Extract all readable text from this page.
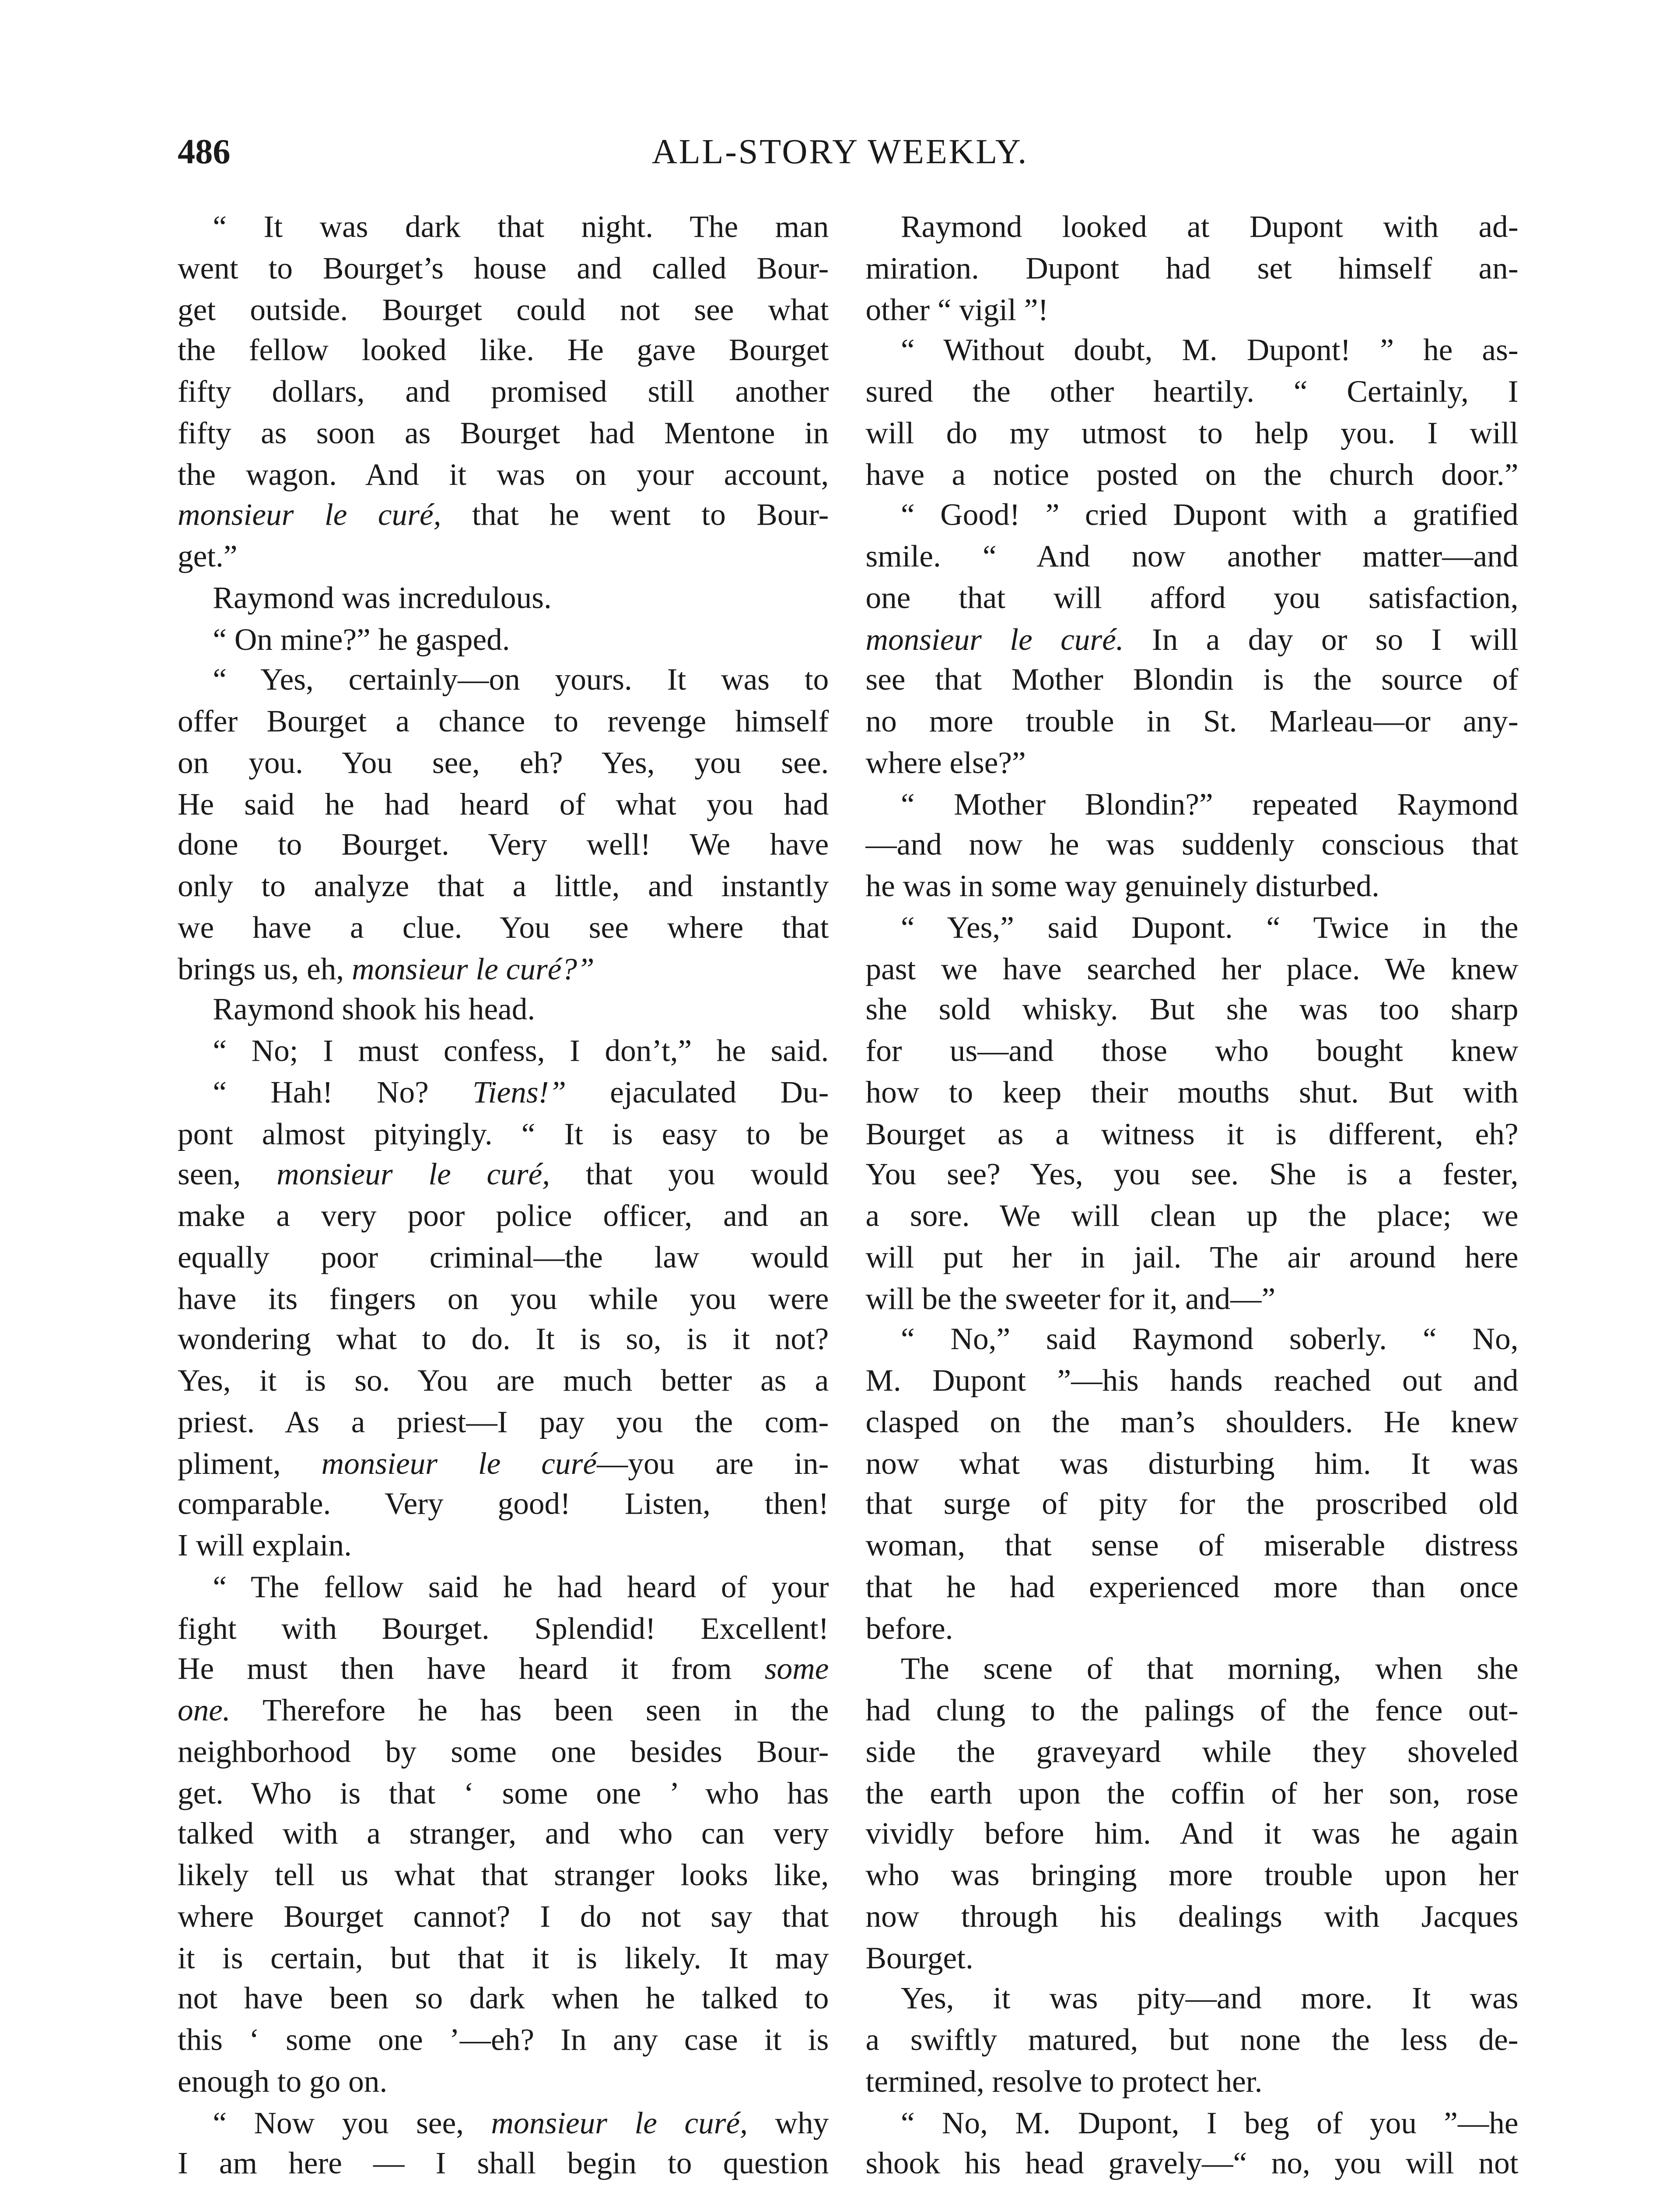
486	ALL-STORY WEEKLY.

“ It was dark that night. The man

went to Bourget’s house and called Bour-

get outside. Bourget could not see what

the fellow looked like. He gave Bourget

fifty dollars, and promised still another

fifty as soon as Bourget had Mentone in

the wagon. And it was on your account,

monsieur le curé, that he went to Bour-

get.”

Raymond was incredulous.

“ On mine?” he gasped.

“ Yes, certainly—on yours. It was to

offer Bourget a chance to revenge himself

on you. You see, eh? Yes, you see.

He said he had heard of what you had

done to Bourget. Very well! We have

only to analyze that a little, and instantly

we have a clue. You see where that

brings us, eh, monsieur le curé?”

Raymond shook his head.

“ No; I must confess, I don’t,” he said.

“ Hah! No? Tiens!” ejaculated Du-

pont almost pityingly. “ It is easy to be

seen, monsieur le curé, that you would

make a very poor police officer, and an

equally poor criminal—the law would

have its fingers on you while you were

wondering what to do. It is so, is it not?

Yes, it is so. You are much better as a

priest. As a priest—I pay you the com-

pliment, monsieur le curé—you are in-

comparable. Very good! Listen, then!

I will explain.

“ The fellow said he had heard of your

fight with Bourget. Splendid! Excellent!

He must then have heard it from some

one. Therefore he has been seen in the

neighborhood by some one besides Bour-

get. Who is that ‘ some one ’ who has

talked with a stranger, and who can very

likely tell us what that stranger looks like,

where Bourget cannot? I do not say that

it is certain, but that it is likely. It may

not have been so dark when he talked to

this ‘ some one ’—eh? In any case it is

enough to go on.

“ Now you see, monsieur le curé, why

I am here — I shall begin to question

Raymond looked at Dupont with ad-

miration. Dupont had set himself an-

other “ vigil ”!

“ Without doubt, M. Dupont! ” he as-

sured the other heartily. “ Certainly, I

will do my utmost to help you. I will

have a notice posted on the church door.”

“ Good! ” cried Dupont with a gratified

smile. “ And now another matter—and

one that will afford you satisfaction,

monsieur le curé. In a day or so I will

see that Mother Blondin is the source of

no more trouble in St. Marleau—or any-

where else?”

“ Mother Blondin?” repeated Raymond

—and now he was suddenly conscious that

he was in some way genuinely disturbed.

“ Yes,” said Dupont. “ Twice in the

past we have searched her place. We knew

she sold whisky. But she was too sharp

for us—and those who bought knew

how to keep their mouths shut. But with

Bourget as a witness it is different, eh?

You see? Yes, you see. She is a fester,

a sore. We will clean up the place; we

will put her in jail. The air around here

will be the sweeter for it, and—”

“ No,” said Raymond soberly. “ No,

M. Dupont ”—his hands reached out and

clasped on the man’s shoulders. He knew

now what was disturbing him. It was

that surge of pity for the proscribed old

woman, that sense of miserable distress

that he had experienced more than once

before.

The scene of that morning, when she

had clung to the palings of the fence out-

side the graveyard while they shoveled

the earth upon the coffin of her son, rose

vividly before him. And it was he again

who was bringing more trouble upon her

now through his dealings with Jacques

Bourget.

Yes, it was pity—and more. It was

a swiftly matured, but none the less de-

termined, resolve to protect her.

“ No, M. Dupont, I beg of you ”—he

shook his head gravely—“ no, you will not
